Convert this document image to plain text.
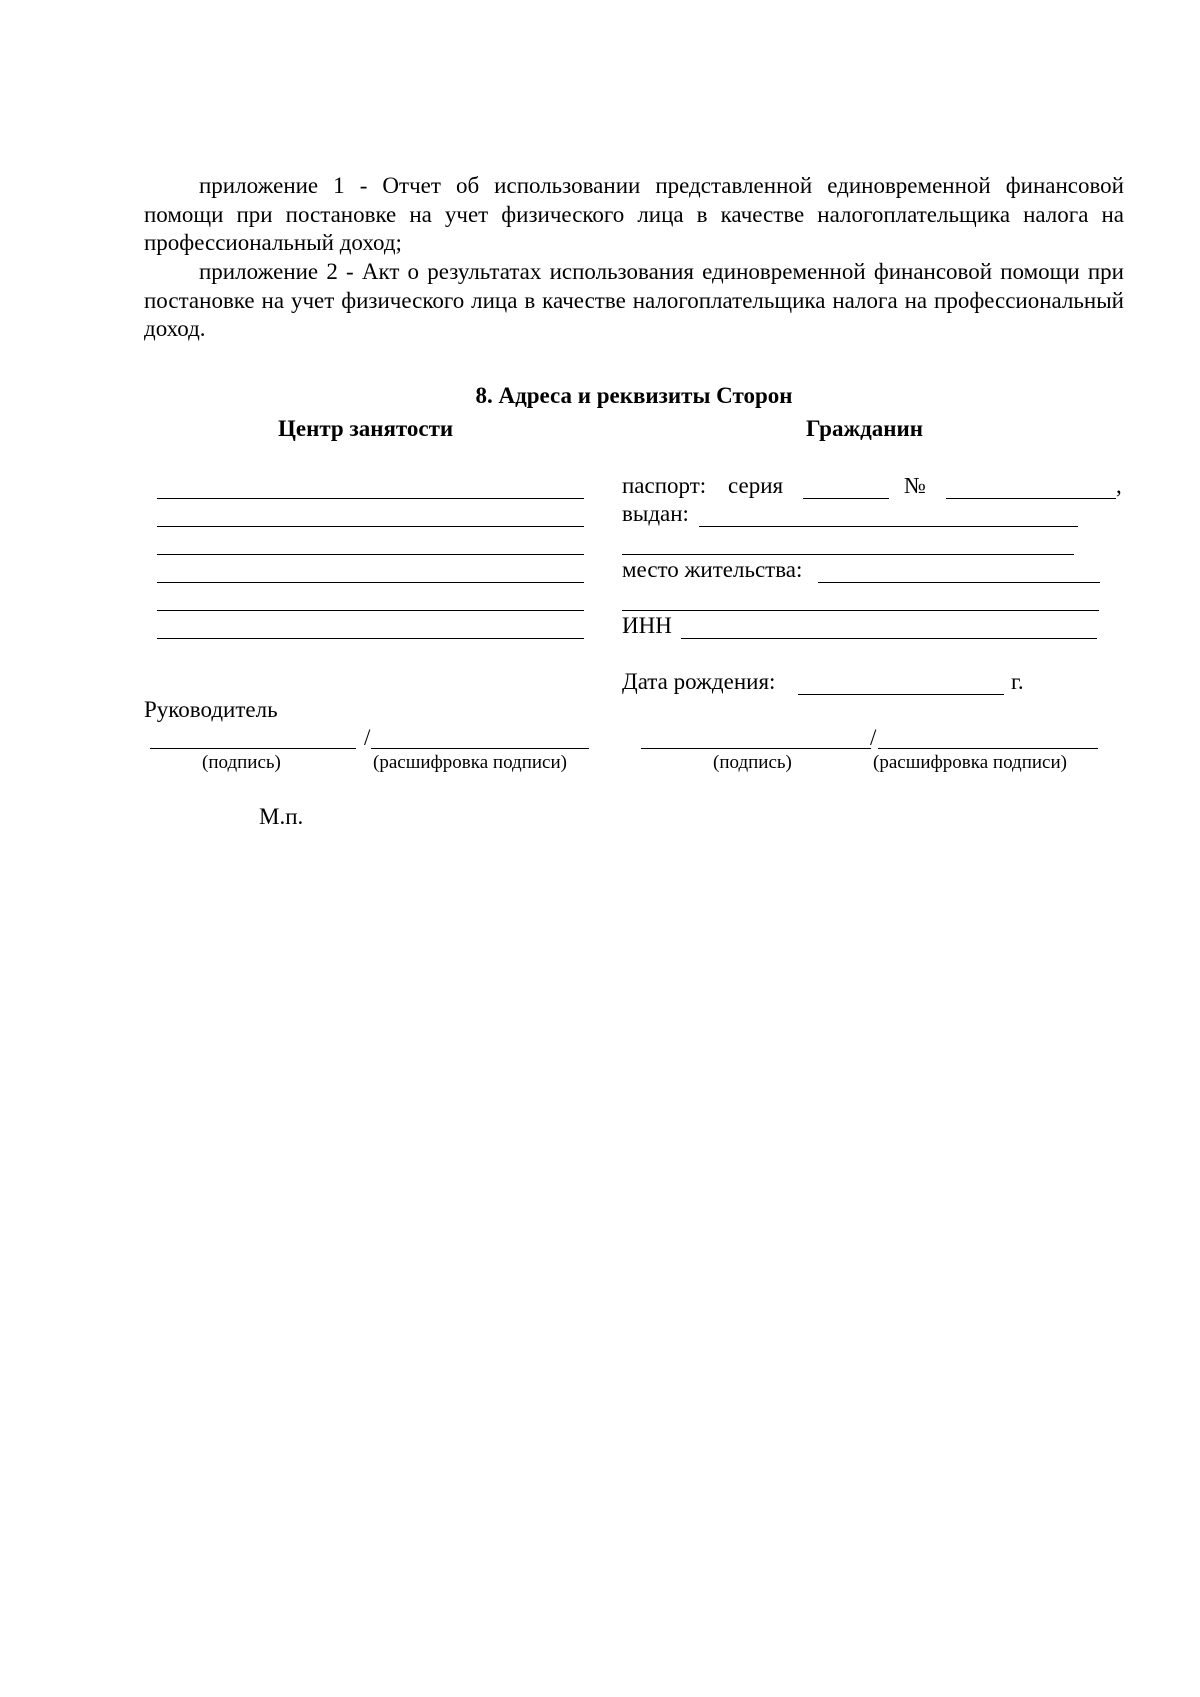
приложение 1 - Отчет об использовании представленной единовременной финансовой помощи при постановке на учет физического лица в качестве налогоплательщика налога на профессиональный доход;

приложение 2 - Акт о результатах использования единовременной финансовой помощи при постановке на учет физического лица в качестве налогоплательщика налога на профессиональный доход.

8. Адреса и реквизиты Сторон
Центр занятости	Гражданин
паспорт: серия	№	,
выдан:
место жительства:
ИНН
Дата рождения:	г.
Руководитель
/
(подпись)	(расшифровка подписи)
/
(подпись)	(расшифровка подписи)
М.п.
